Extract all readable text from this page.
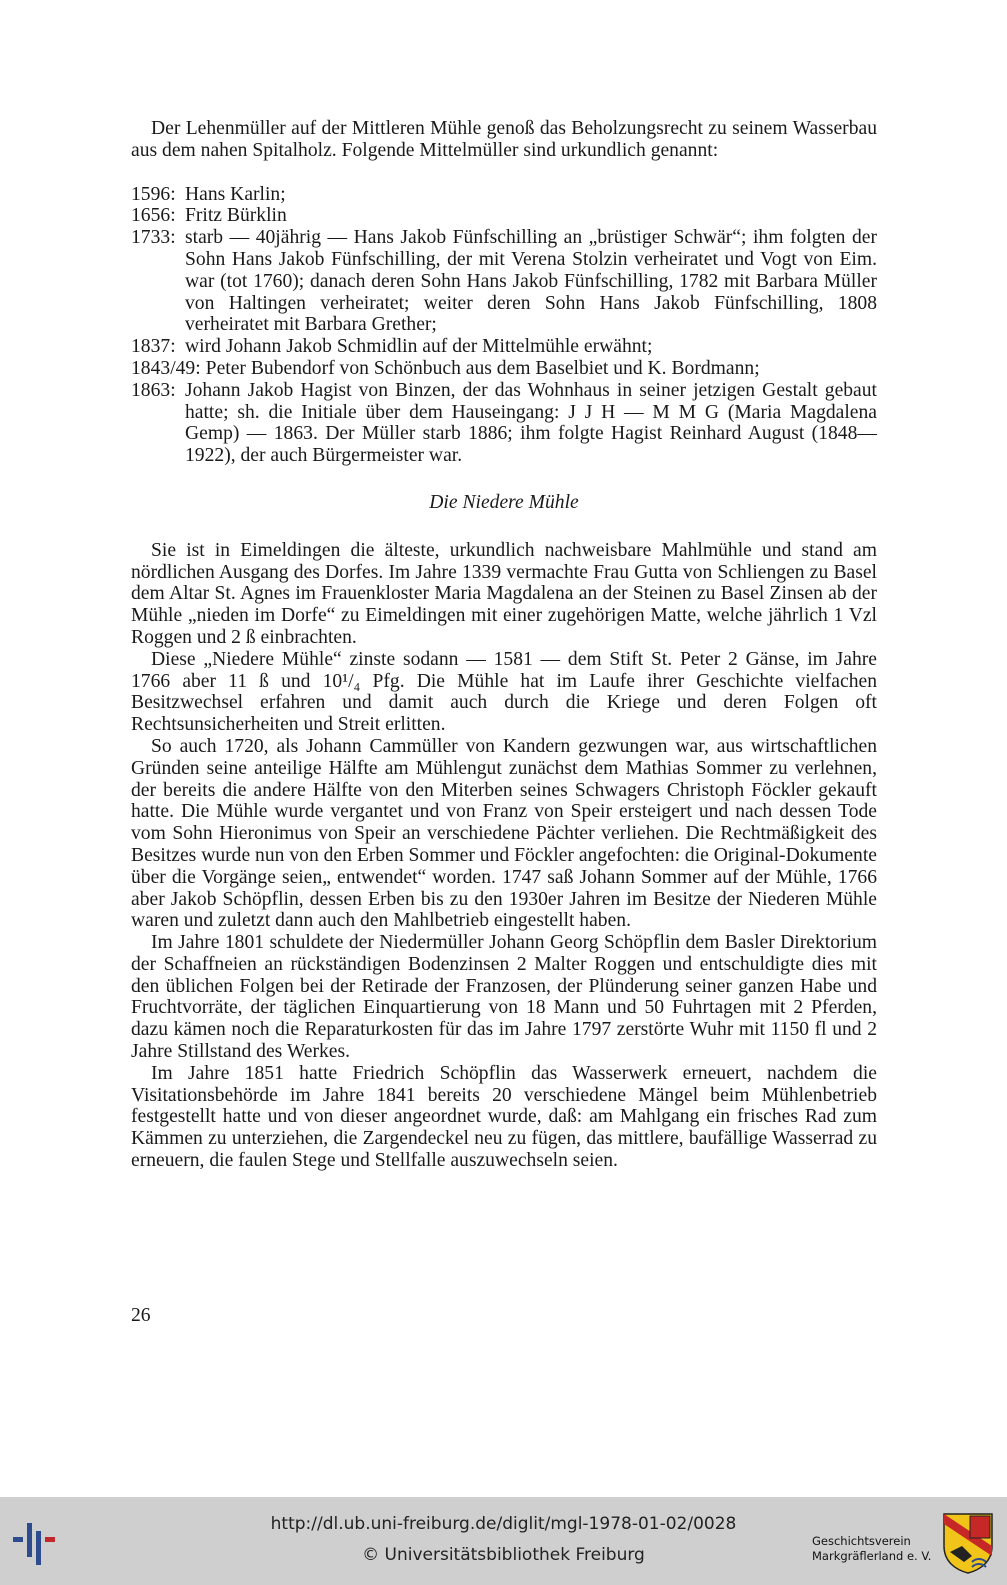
Der Lehenmüller auf der Mittleren Mühle genoß das Beholzungsrecht zu seinem Wasserbau aus dem nahen Spitalholz. Folgende Mittelmüller sind urkundlich genannt:

1596: Hans Karlin;
1656: Fritz Bürklin
1733: starb — 40jährig — Hans Jakob Fünfschilling an „brüstiger Schwär“; ihm folgten der Sohn Hans Jakob Fünfschilling, der mit Verena Stolzin verheiratet und Vogt von Eim. war (tot 1760); danach deren Sohn Hans Jakob Fünfschilling, 1782 mit Barbara Müller von Haltingen verheiratet; weiter deren Sohn Hans Jakob Fünfschilling, 1808 verheiratet mit Barbara Grether;
1837: wird Johann Jakob Schmidlin auf der Mittelmühle erwähnt;
1843/49: Peter Bubendorf von Schönbuch aus dem Baselbiet und K. Bordmann;
1863: Johann Jakob Hagist von Binzen, der das Wohnhaus in seiner jetzigen Gestalt gebaut hatte; sh. die Initiale über dem Hauseingang: J J H — M M G (Maria Magdalena Gemp) — 1863. Der Müller starb 1886; ihm folgte Hagist Reinhard August (1848—1922), der auch Bürgermeister war.
Die Niedere Mühle

Sie ist in Eimeldingen die älteste, urkundlich nachweisbare Mahlmühle und stand am nördlichen Ausgang des Dorfes. Im Jahre 1339 vermachte Frau Gutta von Schliengen zu Basel dem Altar St. Agnes im Frauenkloster Maria Magdalena an der Steinen zu Basel Zinsen ab der Mühle „nieden im Dorfe“ zu Eimeldingen mit einer zugehörigen Matte, welche jährlich 1 Vzl Roggen und 2 ß einbrachten.

Diese „Niedere Mühle“ zinste sodann — 1581 — dem Stift St. Peter 2 Gänse, im Jahre 1766 aber 11 ß und 10¹/₄ Pfg. Die Mühle hat im Laufe ihrer Geschichte vielfachen Besitzwechsel erfahren und damit auch durch die Kriege und deren Folgen oft Rechtsunsicherheiten und Streit erlitten.

So auch 1720, als Johann Cammüller von Kandern gezwungen war, aus wirtschaftlichen Gründen seine anteilige Hälfte am Mühlengut zunächst dem Mathias Sommer zu verlehnen, der bereits die andere Hälfte von den Miterben seines Schwagers Christoph Föckler gekauft hatte. Die Mühle wurde vergantet und von Franz von Speir ersteigert und nach dessen Tode vom Sohn Hieronimus von Speir an verschiedene Pächter verliehen. Die Rechtmäßigkeit des Besitzes wurde nun von den Erben Sommer und Föckler angefochten: die Original-Dokumente über die Vorgänge seien„ entwendet“ worden. 1747 saß Johann Sommer auf der Mühle, 1766 aber Jakob Schöpflin, dessen Erben bis zu den 1930er Jahren im Besitze der Niederen Mühle waren und zuletzt dann auch den Mahlbetrieb eingestellt haben.

Im Jahre 1801 schuldete der Niedermüller Johann Georg Schöpflin dem Basler Direktorium der Schaffneien an rückständigen Bodenzinsen 2 Malter Roggen und entschuldigte dies mit den üblichen Folgen bei der Retirade der Franzosen, der Plünderung seiner ganzen Habe und Fruchtvorräte, der täglichen Einquartierung von 18 Mann und 50 Fuhrtagen mit 2 Pferden, dazu kämen noch die Reparaturkosten für das im Jahre 1797 zerstörte Wuhr mit 1150 fl und 2 Jahre Stillstand des Werkes.

Im Jahre 1851 hatte Friedrich Schöpflin das Wasserwerk erneuert, nachdem die Visitationsbehörde im Jahre 1841 bereits 20 verschiedene Mängel beim Mühlenbetrieb festgestellt hatte und von dieser angeordnet wurde, daß: am Mahlgang ein frisches Rad zum Kämmen zu unterziehen, die Zargendeckel neu zu fügen, das mittlere, baufällige Wasserrad zu erneuern, die faulen Stege und Stellfalle auszuwechseln seien.

26
http://dl.ub.uni-freiburg.de/diglit/mgl-1978-01-02/0028
© Universitätsbibliothek Freiburg
Geschichtsverein
Markgräflerland e. V.
